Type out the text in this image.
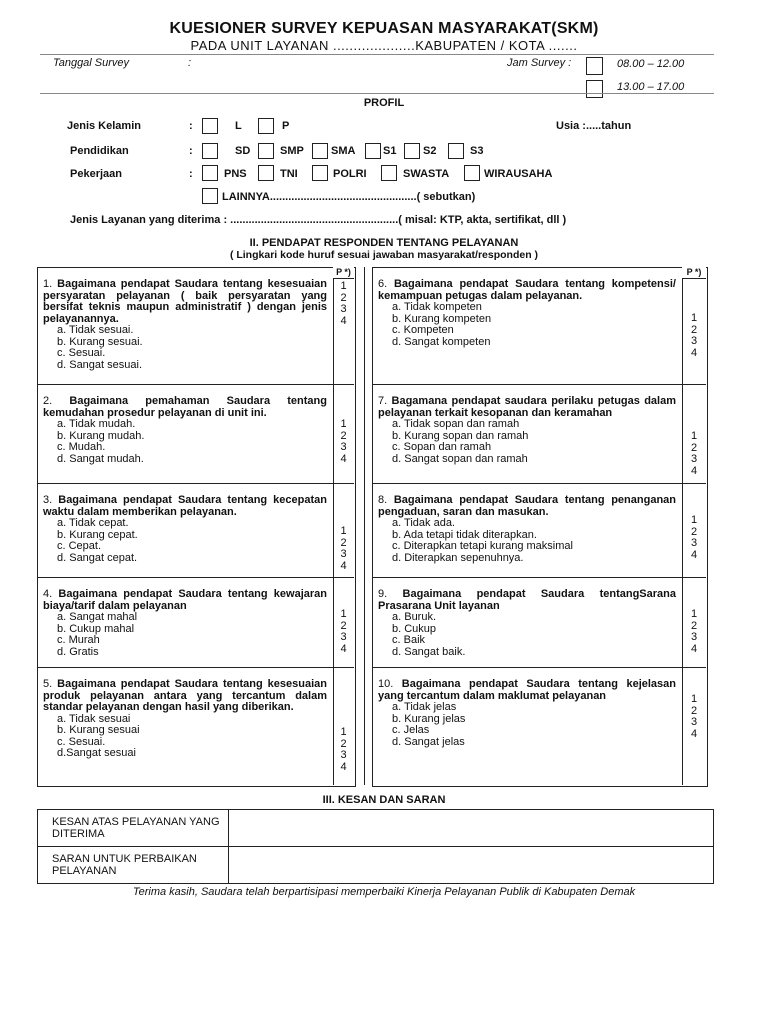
KUESIONER SURVEY KEPUASAN MASYARAKAT(SKM)
PADA UNIT LAYANAN ....................KABUPATEN / KOTA .......
Tanggal Survey	:	Jam Survey :	08.00 – 12.00
13.00 – 17.00
PROFIL
Jenis Kelamin	:	L	P	Usia :.....tahun
Pendidikan	:	SD	SMP SMA	S1 S2	S3
Pekerjaan	:	PNS	TNI	POLRI	SWASTA	WIRAUSAHA
LAINNYA................................................( sebutkan)
Jenis Layanan yang diterima : .......................................................( misal: KTP, akta, sertifikat, dll )
II. PENDAPAT RESPONDEN TENTANG PELAYANAN
( Lingkari kode huruf sesuai jawaban masyarakat/responden )
P *)	P *)
1. Bagaimana pendapat Saudara tentang kesesuaian persyaratan pelayanan ( baik persyaratan yang bersifat teknis maupun administratif ) dengan jenis pelayanannya.
a. Tidak sesuai.
b. Kurang sesuai.
c. Sesuai.
d. Sangat sesuai.
1
2
3
4
2. Bagaimana pemahaman Saudara tentang kemudahan prosedur pelayanan di unit ini.
a. Tidak mudah.
b. Kurang mudah.
c. Mudah.
d. Sangat mudah.
1
2
3
4
3. Bagaimana pendapat Saudara tentang kecepatan waktu dalam memberikan pelayanan.
a. Tidak cepat.
b. Kurang cepat.
c. Cepat.
d. Sangat cepat.
1
2
3
4
4. Bagaimana pendapat Saudara tentang kewajaran biaya/tarif dalam pelayanan
a. Sangat mahal
b. Cukup mahal
c. Murah
d. Gratis
1
2
3
4
5. Bagaimana pendapat Saudara tentang kesesuaian produk pelayanan antara yang tercantum dalam standar pelayanan dengan hasil yang diberikan.
a. Tidak sesuai
b. Kurang sesuai
c. Sesuai.
d.Sangat sesuai
1
2
3
4
6. Bagaimana pendapat Saudara tentang kompetensi/ kemampuan petugas dalam pelayanan.
a. Tidak kompeten
b. Kurang kompeten
c. Kompeten
d. Sangat kompeten
1
2
3
4
7. Bagamana pendapat saudara perilaku petugas dalam pelayanan terkait kesopanan dan keramahan
a. Tidak sopan dan ramah
b. Kurang sopan dan ramah
c. Sopan dan ramah
d. Sangat sopan dan ramah
1
2
3
4
8. Bagaimana pendapat Saudara tentang penanganan pengaduan, saran dan masukan.
a. Tidak ada.
b. Ada tetapi tidak diterapkan.
c. Diterapkan tetapi kurang maksimal
d. Diterapkan sepenuhnya.
1
2
3
4
9. Bagaimana pendapat Saudara tentangSarana Prasarana Unit layanan
a. Buruk.
b. Cukup
c. Baik
d. Sangat baik.
1
2
3
4
10. Bagaimana pendapat Saudara tentang kejelasan yang tercantum dalam maklumat pelayanan
a. Tidak jelas
b. Kurang jelas
c. Jelas
d. Sangat jelas
1
2
3
4
III. KESAN DAN SARAN
KESAN ATAS PELAYANAN YANG DITERIMA	
SARAN UNTUK PERBAIKAN PELAYANAN	
Terima kasih, Saudara telah berpartisipasi memperbaiki Kinerja Pelayanan Publik di Kabupaten Demak
